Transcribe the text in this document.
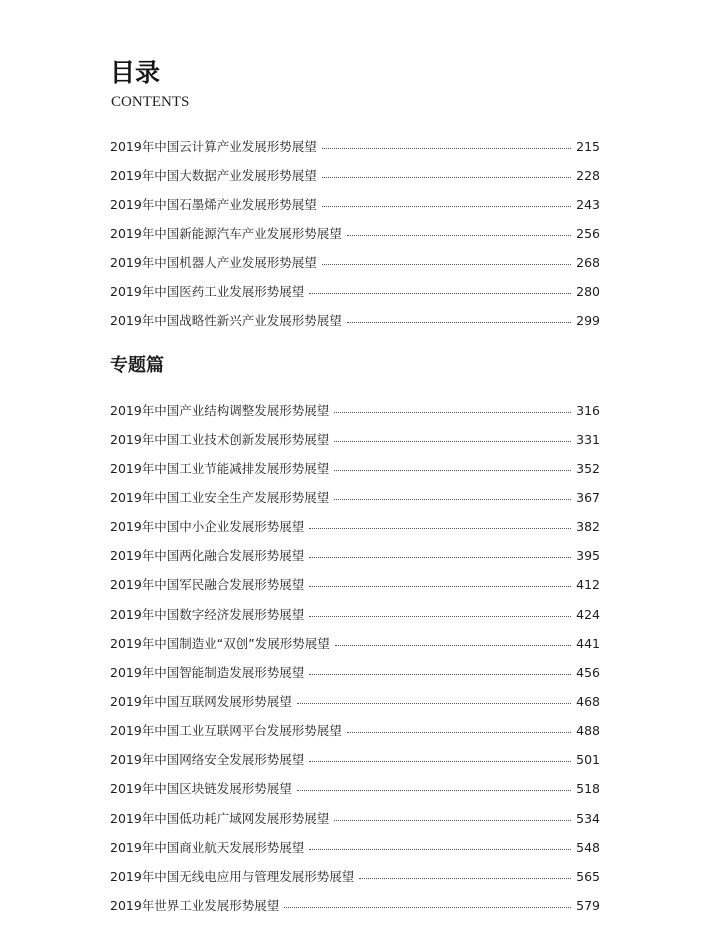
目录
CONTENTS
2019年中国云计算产业发展形势展望	215
2019年中国大数据产业发展形势展望	228
2019年中国石墨烯产业发展形势展望	243
2019年中国新能源汽车产业发展形势展望	256
2019年中国机器人产业发展形势展望	268
2019年中国医药工业发展形势展望	280
2019年中国战略性新兴产业发展形势展望	299
专题篇
2019年中国产业结构调整发展形势展望	316
2019年中国工业技术创新发展形势展望	331
2019年中国工业节能减排发展形势展望	352
2019年中国工业安全生产发展形势展望	367
2019年中国中小企业发展形势展望	382
2019年中国两化融合发展形势展望	395
2019年中国军民融合发展形势展望	412
2019年中国数字经济发展形势展望	424
2019年中国制造业“双创”发展形势展望	441
2019年中国智能制造发展形势展望	456
2019年中国互联网发展形势展望	468
2019年中国工业互联网平台发展形势展望	488
2019年中国网络安全发展形势展望	501
2019年中国区块链发展形势展望	518
2019年中国低功耗广域网发展形势展望	534
2019年中国商业航天发展形势展望	548
2019年中国无线电应用与管理发展形势展望	565
2019年世界工业发展形势展望	579
